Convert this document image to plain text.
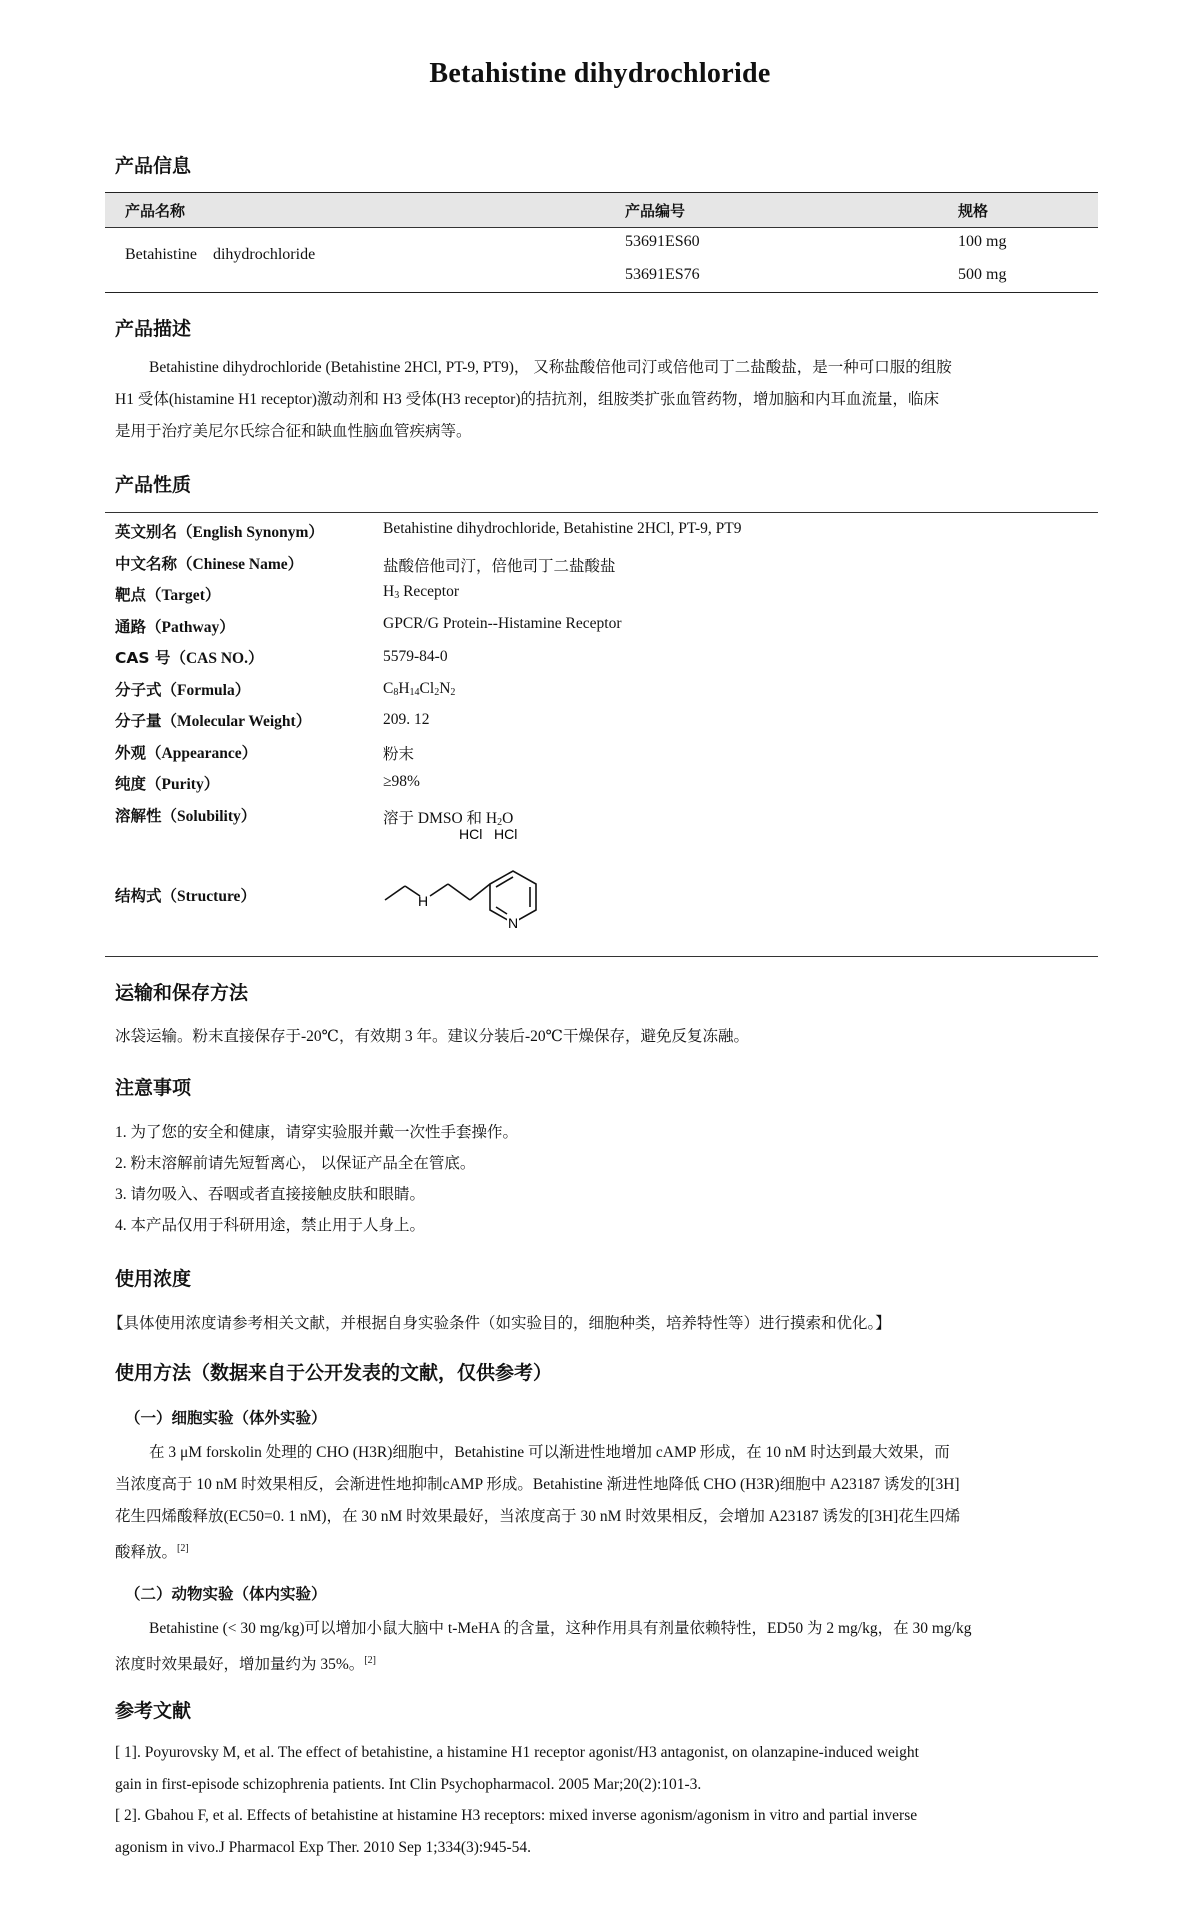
Betahistine dihydrochloride
产品信息
产品名称	产品编号	规格
Betahistine    dihydrochloride
53691ES60	100 mg
53691ES76	500 mg
产品描述
Betahistine dihydrochloride (Betahistine 2HCl, PT-9, PT9)， 又称盐酸倍他司汀或倍他司丁二盐酸盐，是一种可口服的组胺
H1 受体(histamine H1 receptor)激动剂和 H3 受体(H3 receptor)的拮抗剂，组胺类扩张血管药物，增加脑和内耳血流量，临床
是用于治疗美尼尔氏综合征和缺血性脑血管疾病等。
产品性质
英文别名（English Synonym）	Betahistine dihydrochloride, Betahistine 2HCl, PT-9, PT9
中文名称（Chinese Name）	盐酸倍他司汀，倍他司丁二盐酸盐
靶点（Target）	$H_3$ Receptor
通路（Pathway）	GPCR/G Protein--Histamine Receptor
CAS 号（CAS NO.）	5579-84-0
分子式（Formula）	$C_8H_{14}Cl_2N_2$
分子量（Molecular Weight）	209. 12
外观（Appearance）	粉末
纯度（Purity）	≥98%
溶解性（Solubility）	溶于 DMSO 和 $H_2O$
结构式（Structure）
HCl HCl
H
N
运输和保存方法
冰袋运输。粉末直接保存于-20℃，有效期 3 年。建议分装后-20℃干燥保存，避免反复冻融。
注意事项
1. 为了您的安全和健康，请穿实验服并戴一次性手套操作。
2. 粉末溶解前请先短暂离心， 以保证产品全在管底。
3. 请勿吸入、吞咽或者直接接触皮肤和眼睛。
4. 本产品仅用于科研用途，禁止用于人身上。
使用浓度
【具体使用浓度请参考相关文献，并根据自身实验条件（如实验目的，细胞种类，培养特性等）进行摸索和优化。】
使用方法（数据来自于公开发表的文献，仅供参考）
（一）细胞实验（体外实验）
在 3 μM forskolin 处理的 CHO (H3R)细胞中，Betahistine 可以渐进性地增加 cAMP 形成，在 10 nM 时达到最大效果，而
当浓度高于 10 nM 时效果相反，会渐进性地抑制cAMP 形成。Betahistine 渐进性地降低 CHO (H3R)细胞中 A23187 诱发的[3H]
花生四烯酸释放(EC50=0. 1 nM)，在 30 nM 时效果最好，当浓度高于 30 nM 时效果相反，会增加 A23187 诱发的[3H]花生四烯
酸释放。[2]
（二）动物实验（体内实验）
Betahistine (< 30 mg/kg)可以增加小鼠大脑中 t-MeHA 的含量，这种作用具有剂量依赖特性，ED50 为 2 mg/kg，在 30 mg/kg
浓度时效果最好，增加量约为 35%。[2]
参考文献
[ 1]. Poyurovsky M, et al. The effect of betahistine, a histamine H1 receptor agonist/H3 antagonist, on olanzapine-induced weight
gain in first-episode schizophrenia patients. Int Clin Psychopharmacol. 2005 Mar;20(2):101-3.
[ 2]. Gbahou F, et al. Effects of betahistine at histamine H3 receptors: mixed inverse agonism/agonism in vitro and partial inverse
agonism in vivo.J Pharmacol Exp Ther. 2010 Sep 1;334(3):945-54.
